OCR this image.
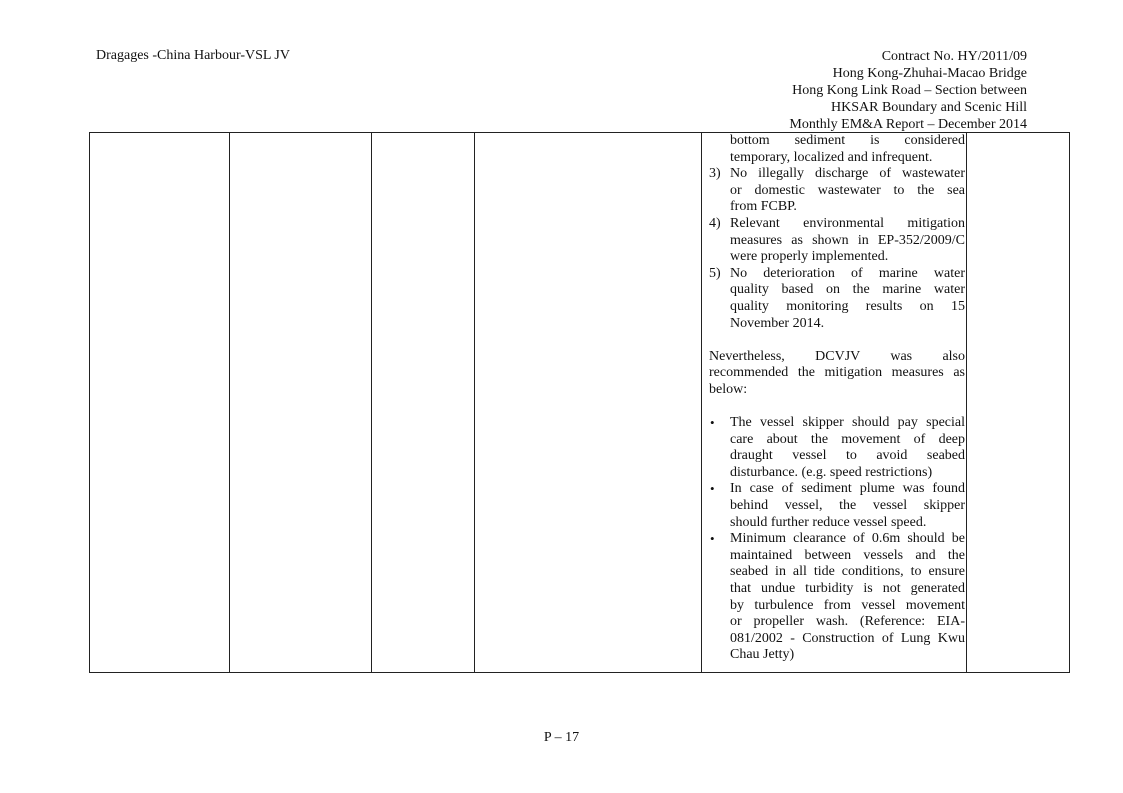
Dragages -China Harbour-VSL JV	Contract No. HY/2011/09
Hong Kong-Zhuhai-Macao Bridge
Hong Kong Link Road – Section between
HKSAR Boundary and Scenic Hill
Monthly EM&A Report – December 2014
bottom sediment is considered
temporary, localized and infrequent.
3) No illegally discharge of wastewater
or domestic wastewater to the sea
from FCBP.
4) Relevant environmental mitigation
measures as shown in EP-352/2009/C
were properly implemented.
5) No deterioration of marine water
quality based on the marine water
quality monitoring results on 15
November 2014.
Nevertheless, DCVJV was also
recommended the mitigation measures as
below:
• The vessel skipper should pay special
care about the movement of deep
draught vessel to avoid seabed
disturbance. (e.g. speed restrictions)
• In case of sediment plume was found
behind vessel, the vessel skipper
should further reduce vessel speed.
• Minimum clearance of 0.6m should be
maintained between vessels and the
seabed in all tide conditions, to ensure
that undue turbidity is not generated
by turbulence from vessel movement
or propeller wash. (Reference: EIA-
081/2002 - Construction of Lung Kwu
Chau Jetty)
P – 17
